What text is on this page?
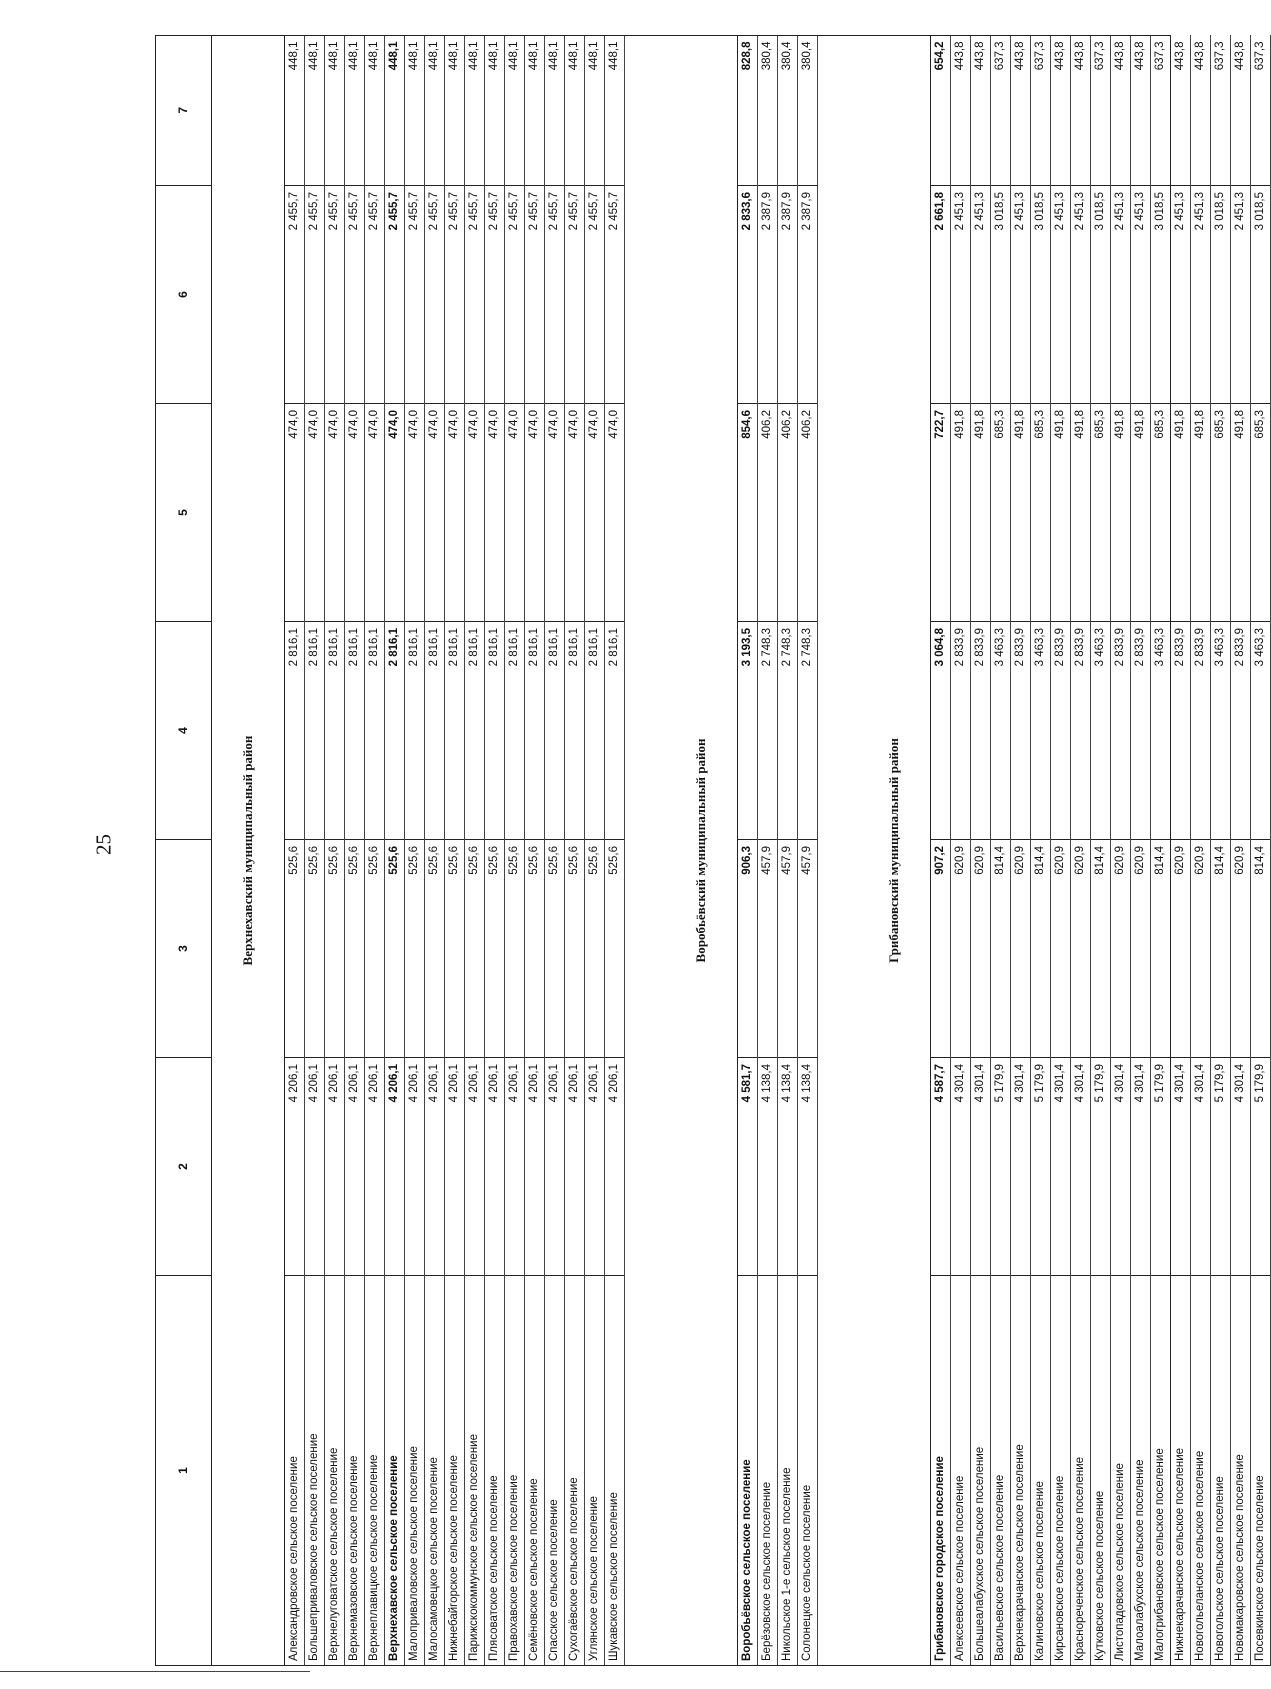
25
1	2	3	4	5	6	7
Верхнехавский муниципальный район						
Александровское сельское поселение	4 206,1	525,6	2 816,1	474,0	2 455,7	448,1
Большеприваловское сельское поселение	4 206,1	525,6	2 816,1	474,0	2 455,7	448,1
Верхнелуговатское сельское поселение	4 206,1	525,6	2 816,1	474,0	2 455,7	448,1
Верхнемазовское сельское поселение	4 206,1	525,6	2 816,1	474,0	2 455,7	448,1
Верхнеплавицкое сельское поселение	4 206,1	525,6	2 816,1	474,0	2 455,7	448,1
Верхнехавское сельское поселение	4 206,1	525,6	2 816,1	474,0	2 455,7	448,1
Малоприваловское сельское поселение	4 206,1	525,6	2 816,1	474,0	2 455,7	448,1
Малосамовецкое сельское поселение	4 206,1	525,6	2 816,1	474,0	2 455,7	448,1
Нижнебайгорское сельское поселение	4 206,1	525,6	2 816,1	474,0	2 455,7	448,1
Парижскокоммунское сельское поселение	4 206,1	525,6	2 816,1	474,0	2 455,7	448,1
Плясоватское сельское поселение	4 206,1	525,6	2 816,1	474,0	2 455,7	448,1
Правохавское сельское поселение	4 206,1	525,6	2 816,1	474,0	2 455,7	448,1
Семёновское сельское поселение	4 206,1	525,6	2 816,1	474,0	2 455,7	448,1
Спасское сельское поселение	4 206,1	525,6	2 816,1	474,0	2 455,7	448,1
Сухогаёвское сельское поселение	4 206,1	525,6	2 816,1	474,0	2 455,7	448,1
Углянское сельское поселение	4 206,1	525,6	2 816,1	474,0	2 455,7	448,1
Шукавское сельское поселение	4 206,1	525,6	2 816,1	474,0	2 455,7	448,1

Воробьёвский муниципальный район						
Воробьёвское сельское поселение	4 581,7	906,3	3 193,5	854,6	2 833,6	828,8
Берёзовское сельское поселение	4 138,4	457,9	2 748,3	406,2	2 387,9	380,4
Никольское 1-е сельское поселение	4 138,4	457,9	2 748,3	406,2	2 387,9	380,4
Солонецкое сельское поселение	4 138,4	457,9	2 748,3	406,2	2 387,9	380,4

Грибановский муниципальный район						
Грибановское городское поселение	4 587,7	907,2	3 064,8	722,7	2 661,8	654,2
Алексеевское сельское поселение	4 301,4	620,9	2 833,9	491,8	2 451,3	443,8
Большеалабухское сельское поселение	4 301,4	620,9	2 833,9	491,8	2 451,3	443,8
Васильевское сельское поселение	5 179,9	814,4	3 463,3	685,3	3 018,5	637,3
Верхнекарачанское сельское поселение	4 301,4	620,9	2 833,9	491,8	2 451,3	443,8
Калиновское сельское поселение	5 179,9	814,4	3 463,3	685,3	3 018,5	637,3
Кирсановское сельское поселение	4 301,4	620,9	2 833,9	491,8	2 451,3	443,8
Краснореченское сельское поселение	4 301,4	620,9	2 833,9	491,8	2 451,3	443,8
Кутковское сельское поселение	5 179,9	814,4	3 463,3	685,3	3 018,5	637,3
Листопадовское сельское поселение	4 301,4	620,9	2 833,9	491,8	2 451,3	443,8
Малоалабухское сельское поселение	4 301,4	620,9	2 833,9	491,8	2 451,3	443,8
Малогрибановское сельское поселение	5 179,9	814,4	3 463,3	685,3	3 018,5	637,3
Нижнекарачанское сельское поселение	4 301,4	620,9	2 833,9	491,8	2 451,3	443,8
Новогольеланское сельское поселение	4 301,4	620,9	2 833,9	491,8	2 451,3	443,8
Новогольское сельское поселение	5 179,9	814,4	3 463,3	685,3	3 018,5	637,3
Новомакаровское сельское поселение	4 301,4	620,9	2 833,9	491,8	2 451,3	443,8
Посевкинское сельское поселение	5 179,9	814,4	3 463,3	685,3	3 018,5	637,3
